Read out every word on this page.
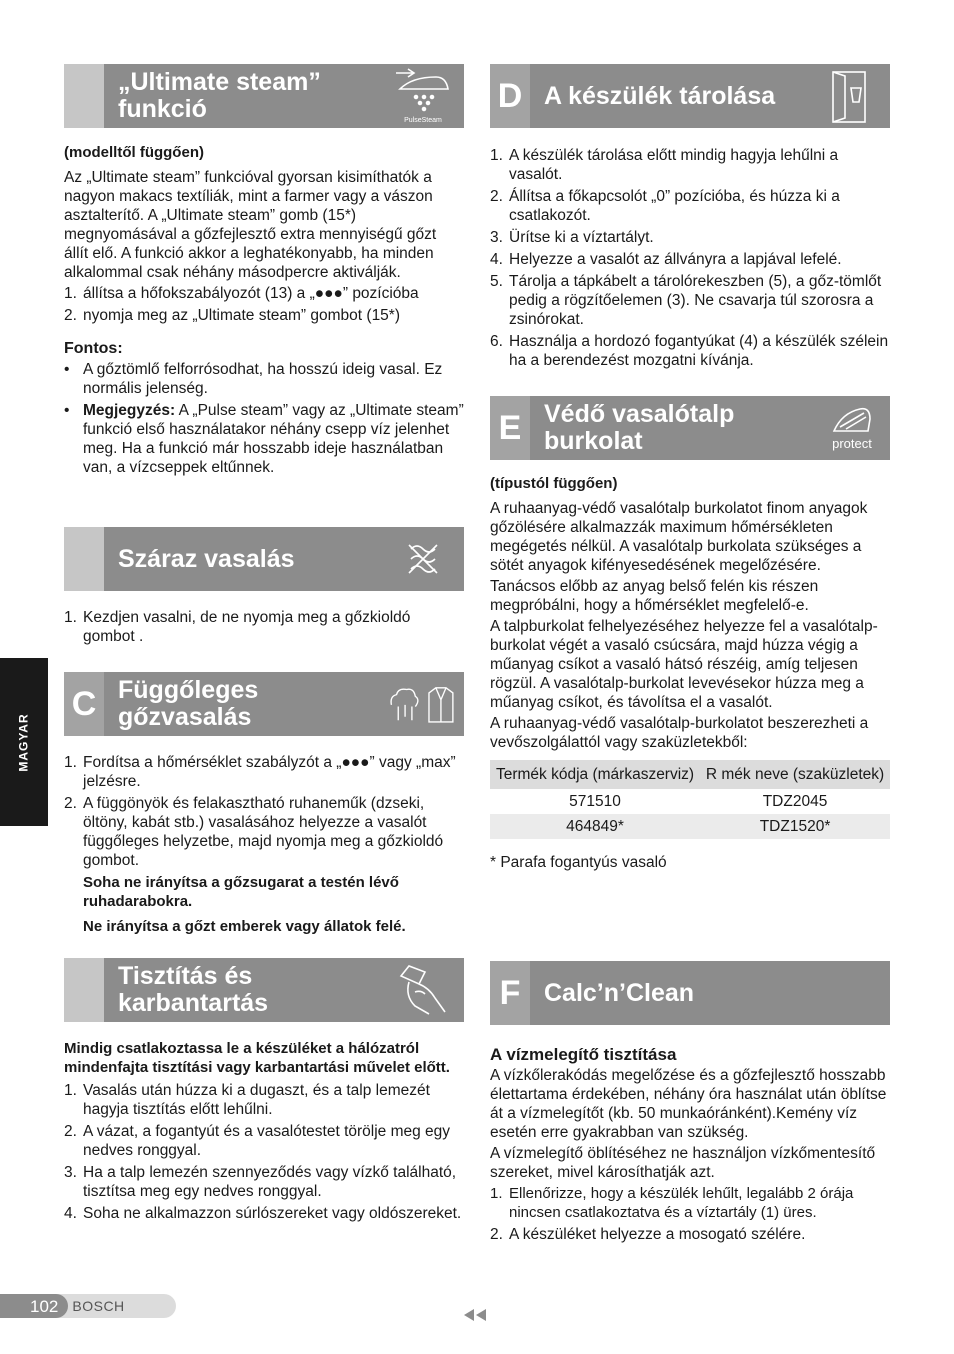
MAGYAR
„Ultimate steam” funkció	PulseSteam

(modelltől függően)

Az „Ultimate steam” funkcióval gyorsan kisimíthatók a nagyon makacs textíliák, mint a farmer vagy a vászon asztalterítő. A „Ultimate steam” gomb (15*) megnyomásával a gőzfejlesztő extra mennyiségű gőzt állít elő. A funkció akkor a leghatékonyabb, ha minden alkalommal csak néhány másodpercre aktiválják.

1. állítsa a hőfokszabályozót (13) a „●●●” pozícióba
2. nyomja meg az „Ultimate steam” gombot (15*)

Fontos:

• A gőztömlő felforrósodhat, ha hosszú ideig vasal. Ez normális jelenség.
• Megjegyzés: A „Pulse steam” vagy az „Ultimate steam” funkció első használatakor néhány csepp víz jelenhet meg. Ha a funkció már hosszabb ideje használatban van, a vízcseppek eltűnnek.
Száraz vasalás
1. Kezdjen vasalni, de ne nyomja meg a gőzkioldó gombot .
C Függőleges gőzvasalás
1. Fordítsa a hőmérséklet szabályzót a „●●●” vagy „max” jelzésre.
2. A függönyök és felakasztható ruhaneműk (dzseki, öltöny, kabát stb.) vasalásához helyezze a vasalót függőleges helyzetbe, majd nyomja meg a gőzkioldó gombot.
Soha ne irányítsa a gőzsugarat a testén lévő ruhadarabokra.
Ne irányítsa a gőzt emberek vagy állatok felé.
Tisztítás és karbantartás

Mindig csatlakoztassa le a készüléket a hálózatról mindenfajta tisztítási vagy karbantartási művelet előtt.

1. Vasalás után húzza ki a dugaszt, és a talp lemezét hagyja tisztítás előtt lehűlni.
2. A vázat, a fogantyút és a vasalótestet törölje meg egy nedves ronggyal.
3. Ha a talp lemezén szennyeződés vagy vízkő található, tisztítsa meg egy nedves ronggyal.
4. Soha ne alkalmazzon súrlószereket vagy oldószereket.
D A készülék tárolása
1. A készülék tárolása előtt mindig hagyja lehűlni a vasalót.
2. Állítsa a főkapcsolót „0” pozícióba, és húzza ki a csatlakozót.
3. Ürítse ki a víztartályt.
4. Helyezze a vasalót az állványra a lapjával lefelé.
5. Tárolja a tápkábelt a tárolórekeszben (5), a gőz-tömlőt pedig a rögzítőelemen (3). Ne csavarja túl szorosra a zsinórokat.
6. Használja a hordozó fogantyúkat (4) a készülék szélein ha a berendezést mozgatni kívánja.
E Védő vasalótalp burkolat	protect

(típustól függően)

A ruhaanyag-védő vasalótalp burkolatot finom anyagok gőzölésére alkalmazzák maximum hőmérsékleten megégetés nélkül. A vasalótalp burkolata szükséges a sötét anyagok kifényesedésének megelőzésére.

Tanácsos előbb az anyag belső felén kis részen megpróbálni, hogy a hőmérséklet megfelelő-e.

A talpburkolat felhelyezéséhez helyezze fel a vasalótalp- burkolat végét a vasaló csúcsára, majd húzza végig a műanyag csíkot a vasaló hátsó részéig, amíg teljesen rögzül. A vasalótalp-burkolat levevésekor húzza meg a műanyag csíkot, és távolítsa el a vasalót.

A ruhaanyag-védő vasalótalp-burkolatot beszerezheti a vevőszolgálattól vagy szaküzletekből:

Termék kódja (márkaszerviz)	R mék neve (szaküzletek)
571510	TDZ2045
464849*	TDZ1520*

* Parafa fogantyús vasaló

F Calc’n’Clean

A vízmelegítő tisztítása

A vízkőlerakódás megelőzése és a gőzfejlesztő hosszabb élettartama érdekében, néhány óra használat után öblítse át a vízmelegítőt (kb. 50 munkaóránként).Kemény víz esetén erre gyakrabban van szükség.

A vízmelegítő öblítéséhez ne használjon vízkőmentesítő szereket, mivel károsíthatják azt.

1. Ellenőrizze, hogy a készülék lehűlt, legalább 2 órája nincsen csatlakoztatva és a víztartály (1) üres.
2. A készüléket helyezze a mosogató szélére.
102	BOSCH
